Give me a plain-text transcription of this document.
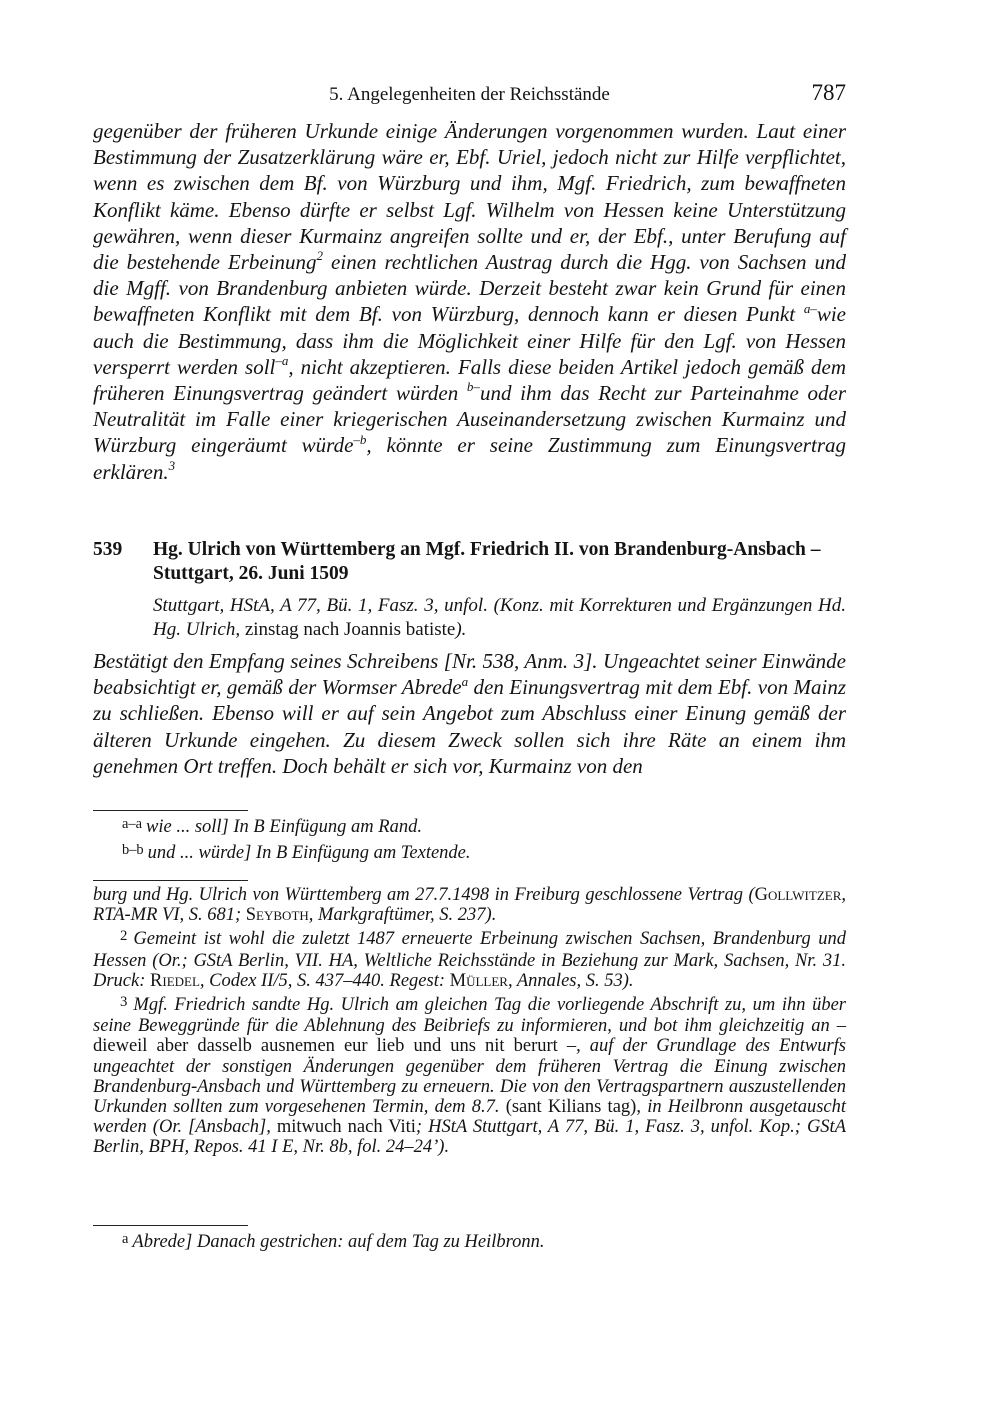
5. Angelegenheiten der Reichsstände	787

gegenüber der früheren Urkunde einige Änderungen vorgenommen wurden. Laut einer Bestimmung der Zusatzerklärung wäre er, Ebf. Uriel, jedoch nicht zur Hilfe verpflichtet, wenn es zwischen dem Bf. von Würzburg und ihm, Mgf. Friedrich, zum bewaffneten Konflikt käme. Ebenso dürfte er selbst Lgf. Wilhelm von Hessen keine Unterstützung gewähren, wenn dieser Kurmainz angreifen sollte und er, der Ebf., unter Berufung auf die bestehende Erbeinung$^2$ einen rechtlichen Austrag durch die Hgg. von Sachsen und die Mgff. von Brandenburg anbieten würde. Derzeit besteht zwar kein Grund für einen bewaffneten Konflikt mit dem Bf. von Würzburg, dennoch kann er diesen Punkt $^{a-}$wie auch die Bestimmung, dass ihm die Möglichkeit einer Hilfe für den Lgf. von Hessen versperrt werden soll$^{-a}$, nicht akzeptieren. Falls diese beiden Artikel jedoch gemäß dem früheren Einungsvertrag geändert würden $^{b-}$und ihm das Recht zur Parteinahme oder Neutralität im Falle einer kriegerischen Auseinandersetzung zwischen Kurmainz und Würzburg eingeräumt würde$^{-b}$, könnte er seine Zustimmung zum Einungsvertrag erklären.$^3$

539 Hg. Ulrich von Württemberg an Mgf. Friedrich II. von Brandenburg-Ansbach – Stuttgart, 26. Juni 1509
Stuttgart, HStA, A 77, Bü. 1, Fasz. 3, unfol. (Konz. mit Korrekturen und Ergänzungen Hd. Hg. Ulrich, zinstag nach Joannis batiste).

Bestätigt den Empfang seines Schreibens [Nr. 538, Anm. 3]. Ungeachtet seiner Einwände beabsichtigt er, gemäß der Wormser Abrede$^a$ den Einungsvertrag mit dem Ebf. von Mainz zu schließen. Ebenso will er auf sein Angebot zum Abschluss einer Einung gemäß der älteren Urkunde eingehen. Zu diesem Zweck sollen sich ihre Räte an einem ihm genehmen Ort treffen. Doch behält er sich vor, Kurmainz von den

$^{a-a}$ wie ... soll] In B Einfügung am Rand.
$^{b-b}$ und ... würde] In B Einfügung am Textende.

burg und Hg. Ulrich von Württemberg am 27.7.1498 in Freiburg geschlossene Vertrag (Gollwitzer, RTA-MR VI, S. 681; Seyboth, Markgraftümer, S. 237).

$^2$ Gemeint ist wohl die zuletzt 1487 erneuerte Erbeinung zwischen Sachsen, Brandenburg und Hessen (Or.; GStA Berlin, VII. HA, Weltliche Reichsstände in Beziehung zur Mark, Sachsen, Nr. 31. Druck: Riedel, Codex II/5, S. 437–440. Regest: Müller, Annales, S. 53).

$^3$ Mgf. Friedrich sandte Hg. Ulrich am gleichen Tag die vorliegende Abschrift zu, um ihn über seine Beweggründe für die Ablehnung des Beibriefs zu informieren, und bot ihm gleichzeitig an – dieweil aber dasselb ausnemen eur lieb und uns nit berurt –, auf der Grundlage des Entwurfs ungeachtet der sonstigen Änderungen gegenüber dem früheren Vertrag die Einung zwischen Brandenburg-Ansbach und Württemberg zu erneuern. Die von den Vertragspartnern auszustellenden Urkunden sollten zum vorgesehenen Termin, dem 8.7. (sant Kilians tag), in Heilbronn ausgetauscht werden (Or. [Ansbach], mitwuch nach Viti; HStA Stuttgart, A 77, Bü. 1, Fasz. 3, unfol. Kop.; GStA Berlin, BPH, Repos. 41 I E, Nr. 8b, fol. 24–24’).

$^a$ Abrede] Danach gestrichen: auf dem Tag zu Heilbronn.
